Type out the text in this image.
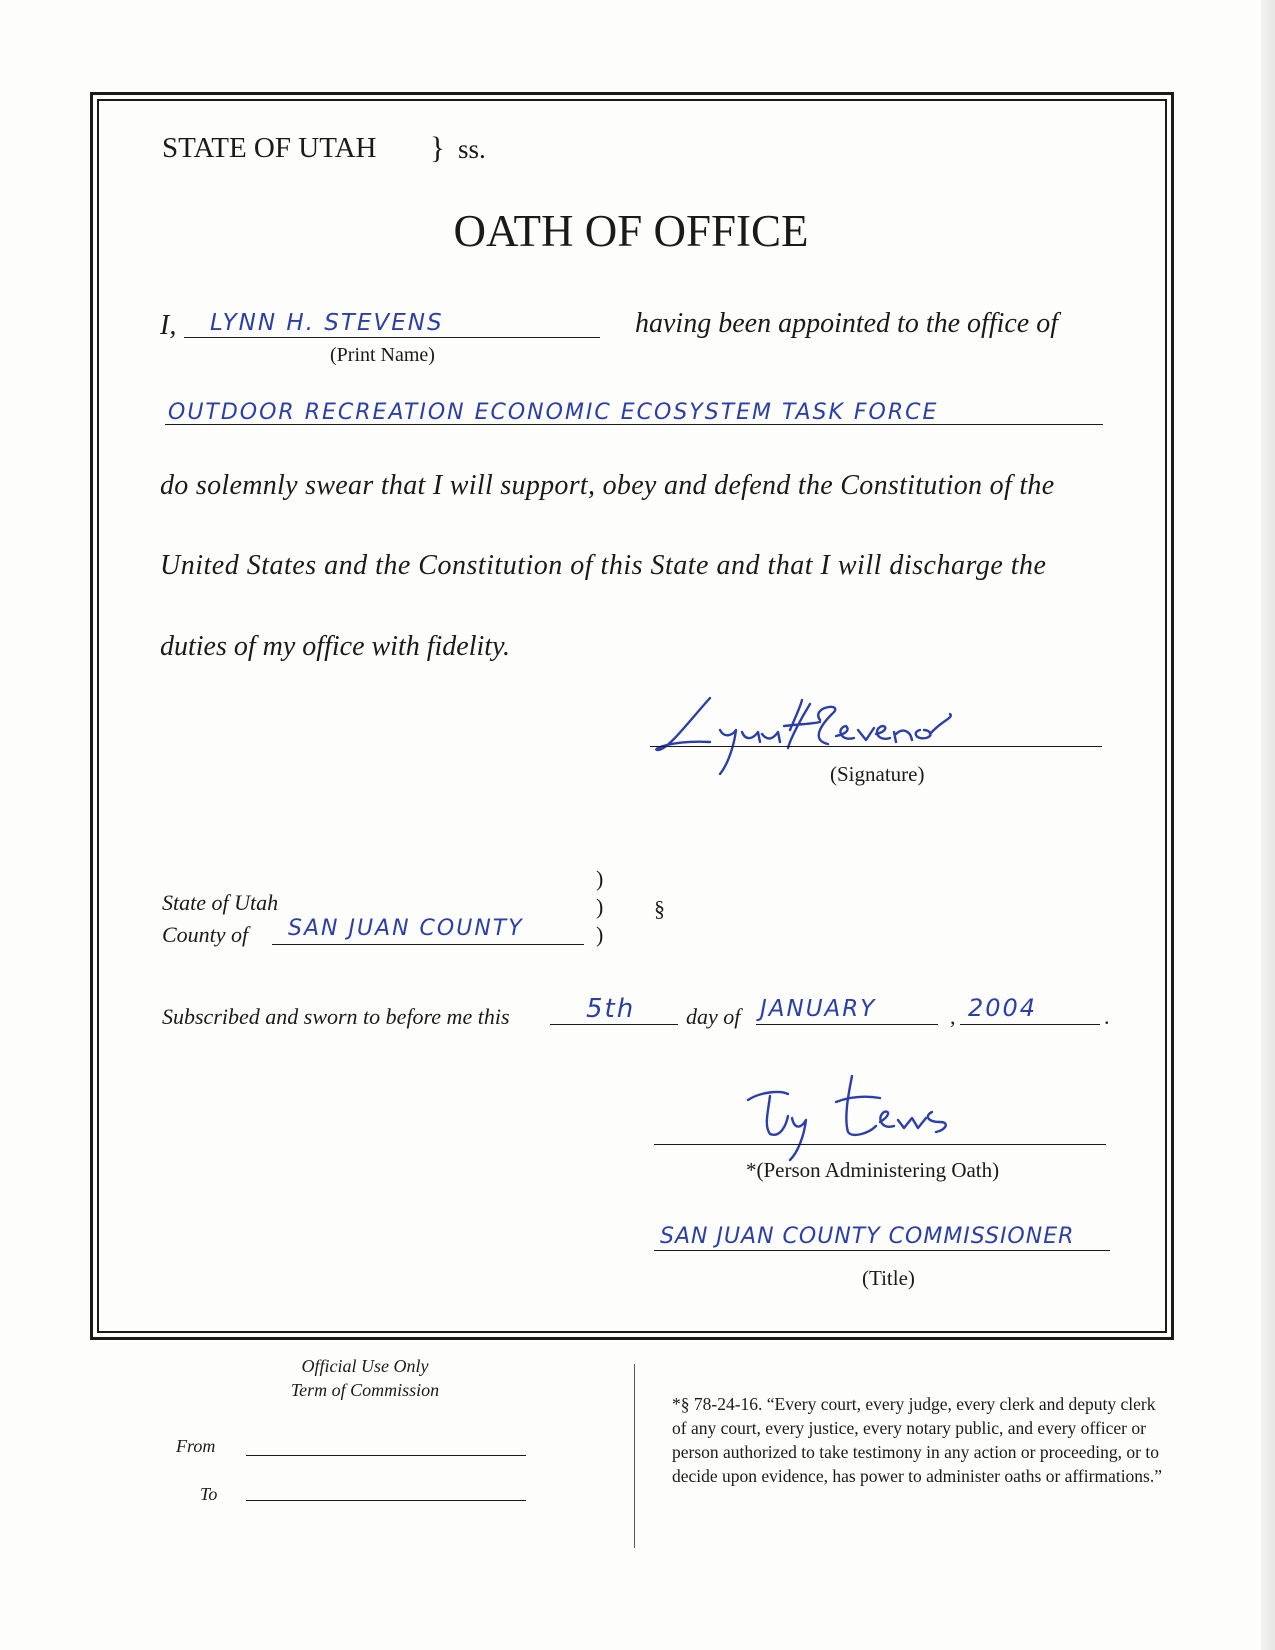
STATE OF UTAH } ss.
OATH OF OFFICE
I, LYNN H. STEVENS
(Print Name)
having been appointed to the office of
OUTDOOR RECREATION ECONOMIC ECOSYSTEM TASK FORCE
do solemnly swear that I will support, obey and defend the Constitution of the
United States and the Constitution of this State and that I will discharge the
duties of my office with fidelity.
(Signature)
)
)
)
§
State of Utah
County of SAN JUAN COUNTY
Subscribed and sworn to before me this	5th day of JANUARY	, 2004	.
*(Person Administering Oath)
SAN JUAN COUNTY COMMISSIONER
(Title)
Official Use Only
Term of Commission
From
To
*§ 78-24-16. “Every court, every judge, every clerk and deputy clerk of any court, every justice, every notary public, and every officer or person authorized to take testimony in any action or proceeding, or to decide upon evidence, has power to administer oaths or affirmations.”
